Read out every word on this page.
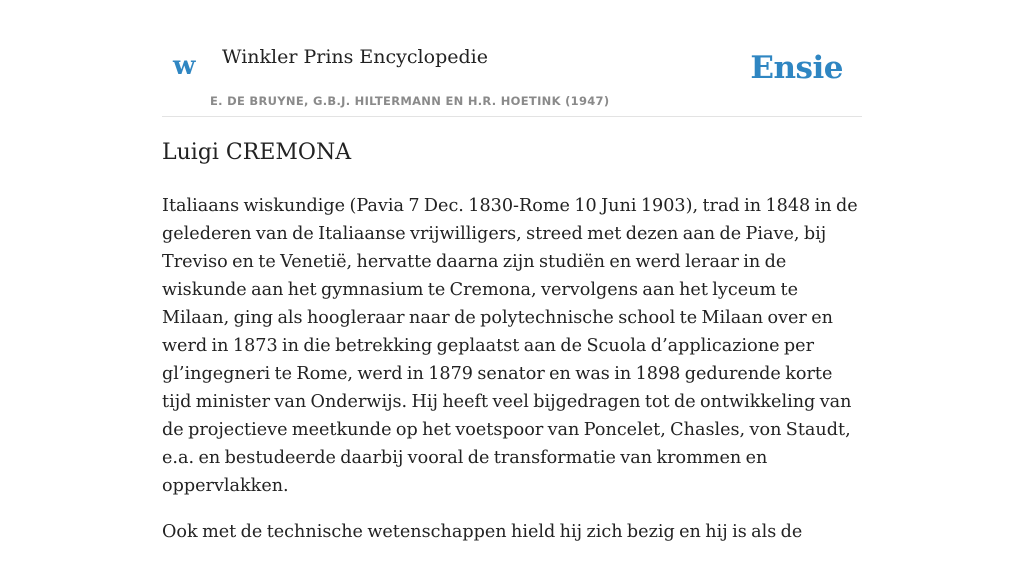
w Winkler Prins Encyclopedie
E. DE BRUYNE, G.B.J. HILTERMANN EN H.R. HOETINK (1947)
Ensie
Luigi CREMONA

Italiaans wiskundige (Pavia 7 Dec. 1830-Rome 10 Juni 1903), trad in 1848 in de gelederen van de Italiaanse vrijwilligers, streed met dezen aan de Piave, bij Treviso en te Venetië, hervatte daarna zijn studiën en werd leraar in de wiskunde aan het gymnasium te Cremona, vervolgens aan het lyceum te Milaan, ging als hoogleraar naar de polytechnische school te Milaan over en werd in 1873 in die betrekking geplaatst aan de Scuola d’applicazione per gl’ingegneri te Rome, werd in 1879 senator en was in 1898 gedurende korte tijd minister van Onderwijs. Hij heeft veel bijgedragen tot de ontwikkeling van de projectieve meetkunde op het voetspoor van Poncelet, Chasles, von Staudt, e.a. en bestudeerde daarbij vooral de transformatie van krommen en oppervlakken.

Ook met de technische wetenschappen hield hij zich bezig en hij is als de
